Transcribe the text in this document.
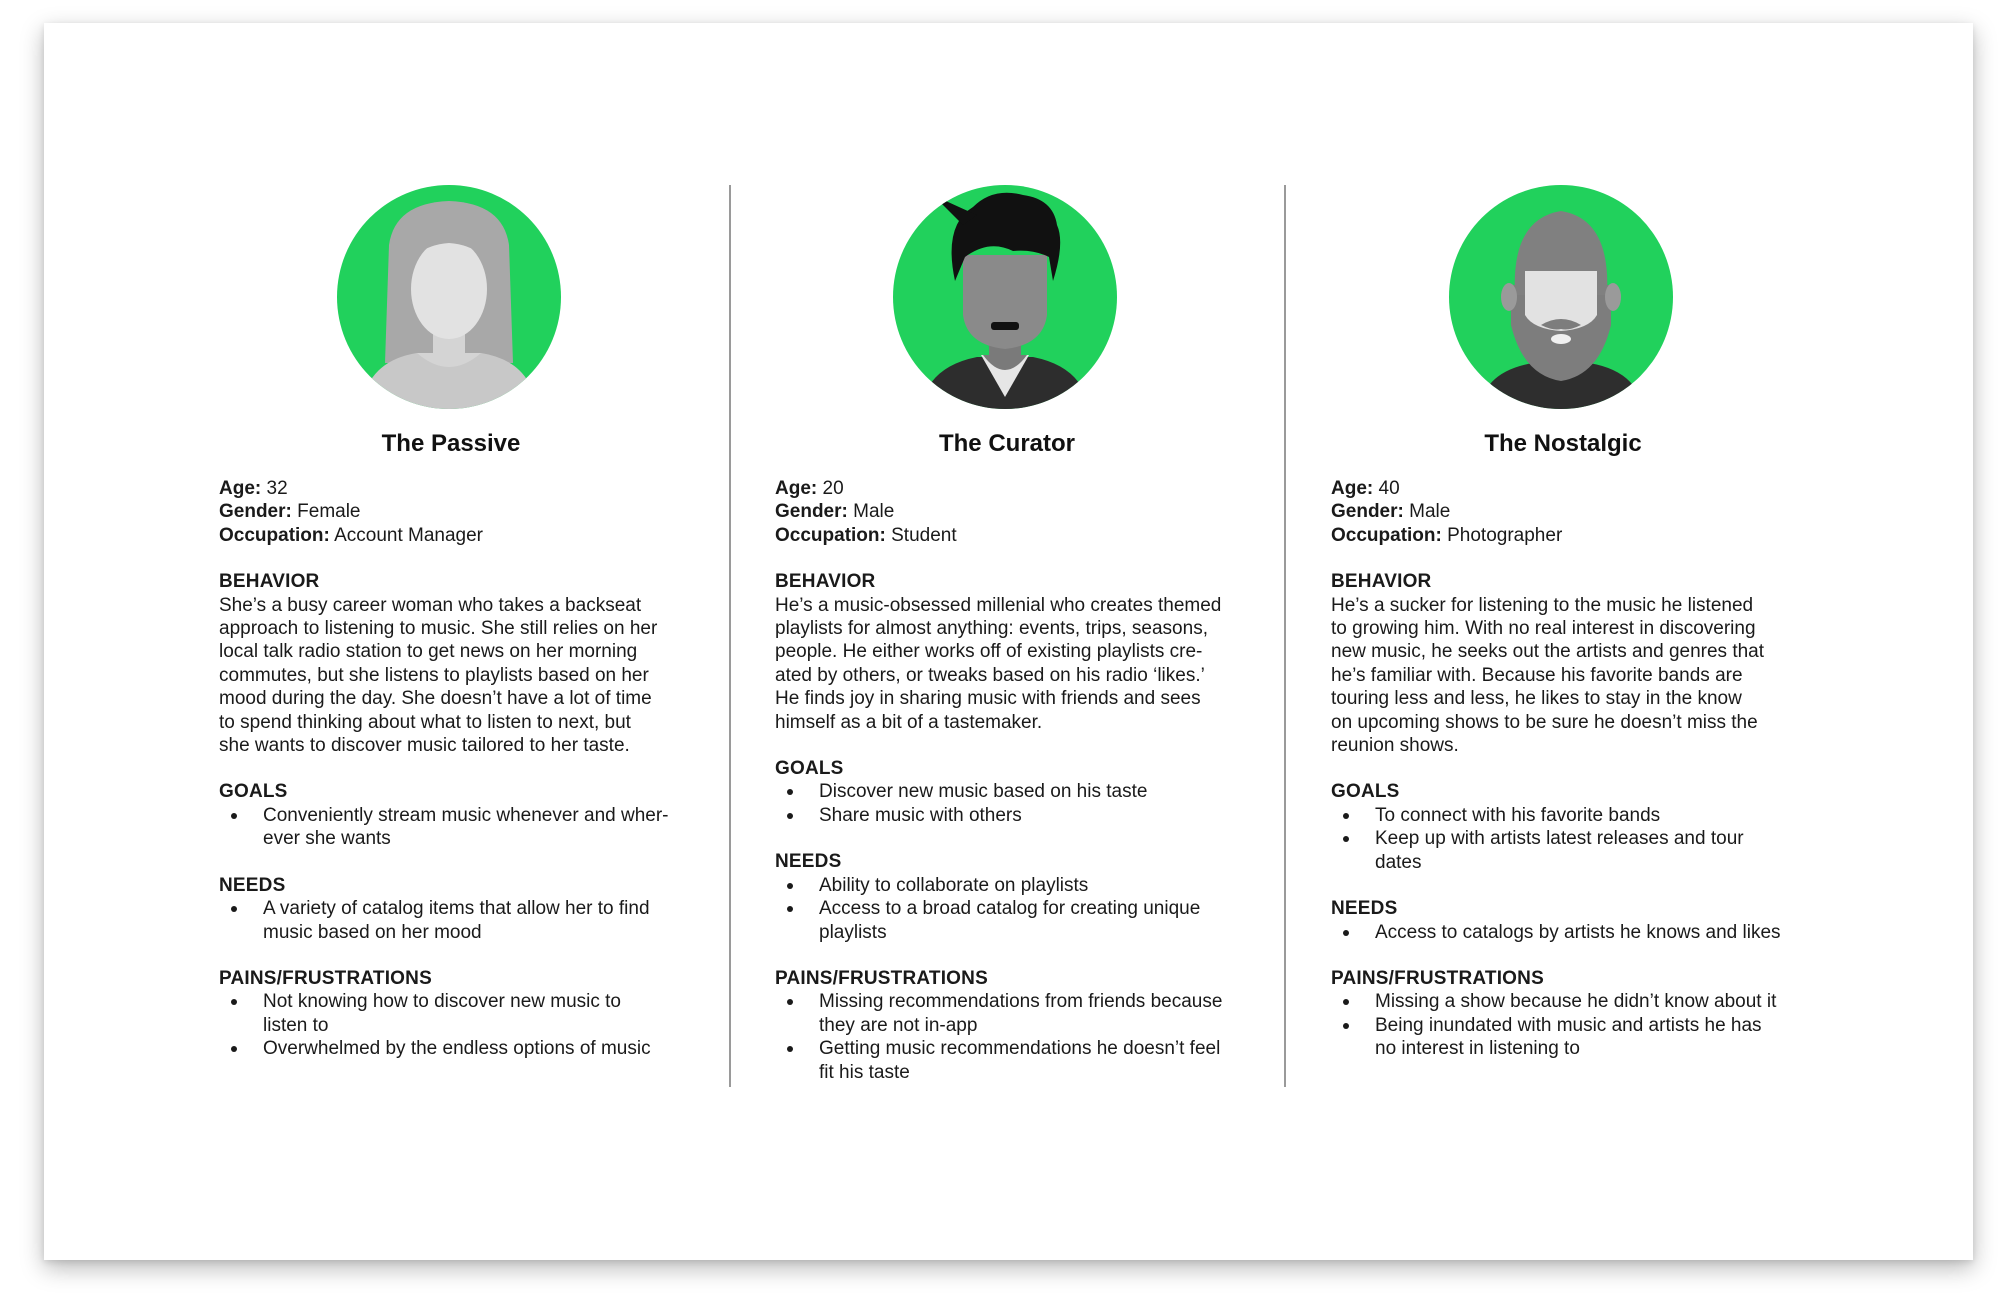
The Passive
Age: 32
Gender: Female
Occupation: Account Manager
BEHAVIOR
She’s a busy career woman who takes a backseat
approach to listening to music. She still relies on her
local talk radio station to get news on her morning
commutes, but she listens to playlists based on her
mood during the day. She doesn’t have a lot of time
to spend thinking about what to listen to next, but
she wants to discover music tailored to her taste.
GOALS
Conveniently stream music whenever and wher-
ever she wants
NEEDS
A variety of catalog items that allow her to find
music based on her mood
PAINS/FRUSTRATIONS
Not knowing how to discover new music to
listen to
Overwhelmed by the endless options of music
The Curator
Age: 20
Gender: Male
Occupation: Student
BEHAVIOR
He’s a music-obsessed millenial who creates themed
playlists for almost anything: events, trips, seasons,
people. He either works off of existing playlists cre-
ated by others, or tweaks based on his radio ‘likes.’
He finds joy in sharing music with friends and sees
himself as a bit of a tastemaker.
GOALS
Discover new music based on his taste
Share music with others
NEEDS
Ability to collaborate on playlists
Access to a broad catalog for creating unique
playlists
PAINS/FRUSTRATIONS
Missing recommendations from friends because
they are not in-app
Getting music recommendations he doesn’t feel
fit his taste
The Nostalgic
Age: 40
Gender: Male
Occupation: Photographer
BEHAVIOR
He’s a sucker for listening to the music he listened
to growing him. With no real interest in discovering
new music, he seeks out the artists and genres that
he’s familiar with. Because his favorite bands are
touring less and less, he likes to stay in the know
on upcoming shows to be sure he doesn’t miss the
reunion shows.
GOALS
To connect with his favorite bands
Keep up with artists latest releases and tour
dates
NEEDS
Access to catalogs by artists he knows and likes
PAINS/FRUSTRATIONS
Missing a show because he didn’t know about it
Being inundated with music and artists he has
no interest in listening to
